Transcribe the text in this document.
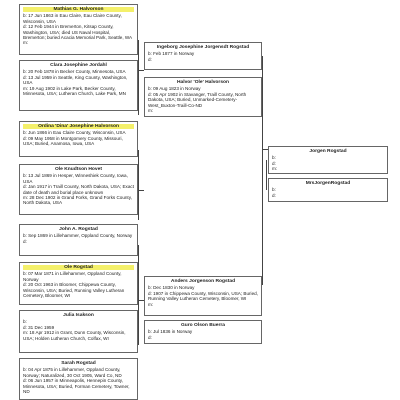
Mathias G. Halvorson
b: 17 Jun 1863 in Eau Claire, Eau Claire County, Wisconsin, USA
d: 12 Feb 1944 in Bremerton, Kitsap County, Washington, USA; died US Naval Hospital, Bremerton; buried Acacia Memorial Park, Seattle, WA
m:
Clara Josephine Jordahl
b: 20 Feb 1878 in Becker County, Minnesota, USA
d: 13 Jul 1959 in Seattle, King County, Washington, USA
m: 19 Aug 1902 in Lake Park, Becker County, Minnesota, USA; Lutheran Church, Lake Park, MN
Ordina 'Dina' Josephine Halvorson
b: Jun 1866 in Eau Claire County, Wisconsin, USA
d: 09 May 1958 in Montgomery County, Missouri, USA; Buried, Anamosa, Iowa, USA
Ole Knudtson Hovet
b: 13 Jul 1869 in Hesper, Winneshiek County, Iowa, USA
d: Jan 1917 in Traill County, North Dakota, USA; Exact date of death and burial place unknown
m: 28 Dec 1902 in Grand Forks, Grand Forks County, North Dakota, USA
John A. Rogstad
b: Sep 1869 in Lillehammer, Oppland County, Norway
d:
Ole Rogstad
b: 07 Mar 1871 in Lillehammer, Oppland County, Norway
d: 20 Oct 1963 in Bloomer, Chippewa County, Wisconsin, USA; Buried, Running Valley Lutheran Cemetery, Bloomer, WI
Julia Isakson
b:
d: 31 Dec 1959
m: 18 Apr 1912 in Grant, Dunn County, Wisconsin, USA; Holden Lutheran Church, Colfax, WI
Sarah Rogstad
b: 04 Apr 1875 in Lillehammer, Oppland County, Norway; Naturalized, 30 Oct 1905, Ward Co, ND
d: 06 Jun 1957 in Minneapolis, Hennepin County, Minnesota, USA; Buried, Forman Cemetery, Towner, ND
Ingeborg Josephine Jorgensdt Rogstad
b: Feb 1877 in Norway
d:
Halvor 'Ole' Halvorson
b: 09 Aug 1823 in Norway
d: 05 Apr 1902 in Stavanger, Traill County, North Dakota, USA; Buried, Unmarked-Cemetery-West_Buxton-Traill-Co-ND
m:
Anders Jorgenson Rogstad
b: Dec 1830 in Norway
d: 1907 in Chippewa County, Wisconsin, USA; Buried, Running Valley Lutheran Cemetery, Bloomer, WI
m:
Guro Olson Buerra
b: Jul 1836 in Norway
d:
Jorgen Rogstad
b:
d:
m:
MrsJorgenRogstad
b:
d:
